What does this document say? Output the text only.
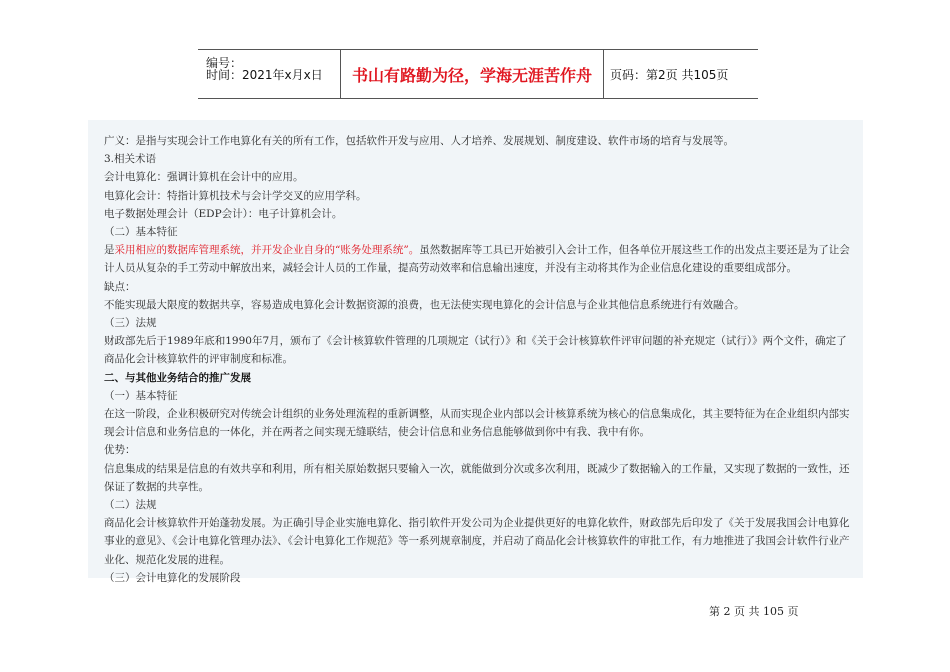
编号：
时间：2021年x月x日	书山有路勤为径，学海无涯苦作舟	页码：第2页 共105页

广义：是指与实现会计工作电算化有关的所有工作，包括软件开发与应用、人才培养、发展规划、制度建设、软件市场的培育与发展等。

3.相关术语

会计电算化：强调计算机在会计中的应用。

电算化会计：特指计算机技术与会计学交叉的应用学科。

电子数据处理会计（EDP会计）：电子计算机会计。

（二）基本特征

是采用相应的数据库管理系统，并开发企业自身的“账务处理系统”。虽然数据库等工具已开始被引入会计工作，但各单位开展这些工作的出发点主要还是为了让会计人员从复杂的手工劳动中解放出来，减轻会计人员的工作量，提高劳动效率和信息输出速度，并没有主动将其作为企业信息化建设的重要组成部分。

缺点：

不能实现最大限度的数据共享，容易造成电算化会计数据资源的浪费，也无法使实现电算化的会计信息与企业其他信息系统进行有效融合。

（三）法规

财政部先后于1989年底和1990年7月，颁布了《会计核算软件管理的几项规定（试行）》和《关于会计核算软件评审问题的补充规定（试行）》两个文件，确定了商品化会计核算软件的评审制度和标准。

二、与其他业务结合的推广发展

（一）基本特征

在这一阶段，企业积极研究对传统会计组织的业务处理流程的重新调整，从而实现企业内部以会计核算系统为核心的信息集成化，其主要特征为在企业组织内部实现会计信息和业务信息的一体化，并在两者之间实现无缝联结，使会计信息和业务信息能够做到你中有我、我中有你。

优势：

信息集成的结果是信息的有效共享和利用，所有相关原始数据只要输入一次，就能做到分次或多次利用，既减少了数据输入的工作量，又实现了数据的一致性，还保证了数据的共享性。

（二）法规

商品化会计核算软件开始蓬勃发展。为正确引导企业实施电算化、指引软件开发公司为企业提供更好的电算化软件，财政部先后印发了《关于发展我国会计电算化事业的意见》、《会计电算化管理办法》、《会计电算化工作规范》等一系列规章制度，并启动了商品化会计核算软件的审批工作，有力地推进了我国会计软件行业产业化、规范化发展的进程。

（三）会计电算化的发展阶段

第 2 页 共 105 页
